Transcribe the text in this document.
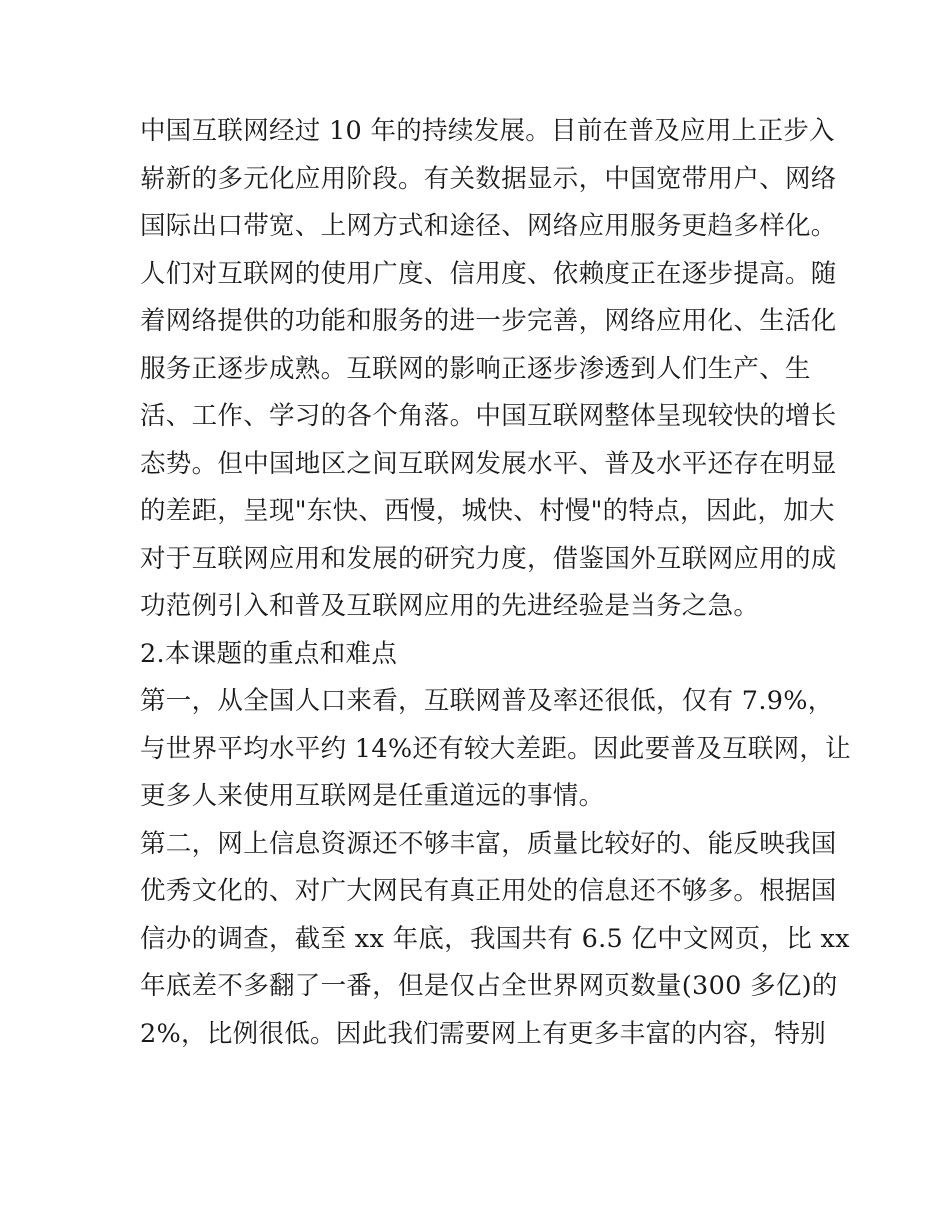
中国互联网经过 10 年的持续发展。目前在普及应用上正步入
崭新的多元化应用阶段。有关数据显示，中国宽带用户、网络
国际出口带宽、上网方式和途径、网络应用服务更趋多样化。
人们对互联网的使用广度、信用度、依赖度正在逐步提高。随
着网络提供的功能和服务的进一步完善，网络应用化、生活化
服务正逐步成熟。互联网的影响正逐步渗透到人们生产、生
活、工作、学习的各个角落。中国互联网整体呈现较快的增长
态势。但中国地区之间互联网发展水平、普及水平还存在明显
的差距，呈现"东快、西慢，城快、村慢"的特点，因此，加大
对于互联网应用和发展的研究力度，借鉴国外互联网应用的成
功范例引入和普及互联网应用的先进经验是当务之急。
2.本课题的重点和难点
第一，从全国人口来看，互联网普及率还很低，仅有 7.9%，
与世界平均水平约 14%还有较大差距。因此要普及互联网，让
更多人来使用互联网是任重道远的事情。
第二，网上信息资源还不够丰富，质量比较好的、能反映我国
优秀文化的、对广大网民有真正用处的信息还不够多。根据国
信办的调查，截至 xx 年底，我国共有 6.5 亿中文网页，比 xx
年底差不多翻了一番，但是仅占全世界网页数量(300 多亿)的
2%，比例很低。因此我们需要网上有更多丰富的内容，特别
